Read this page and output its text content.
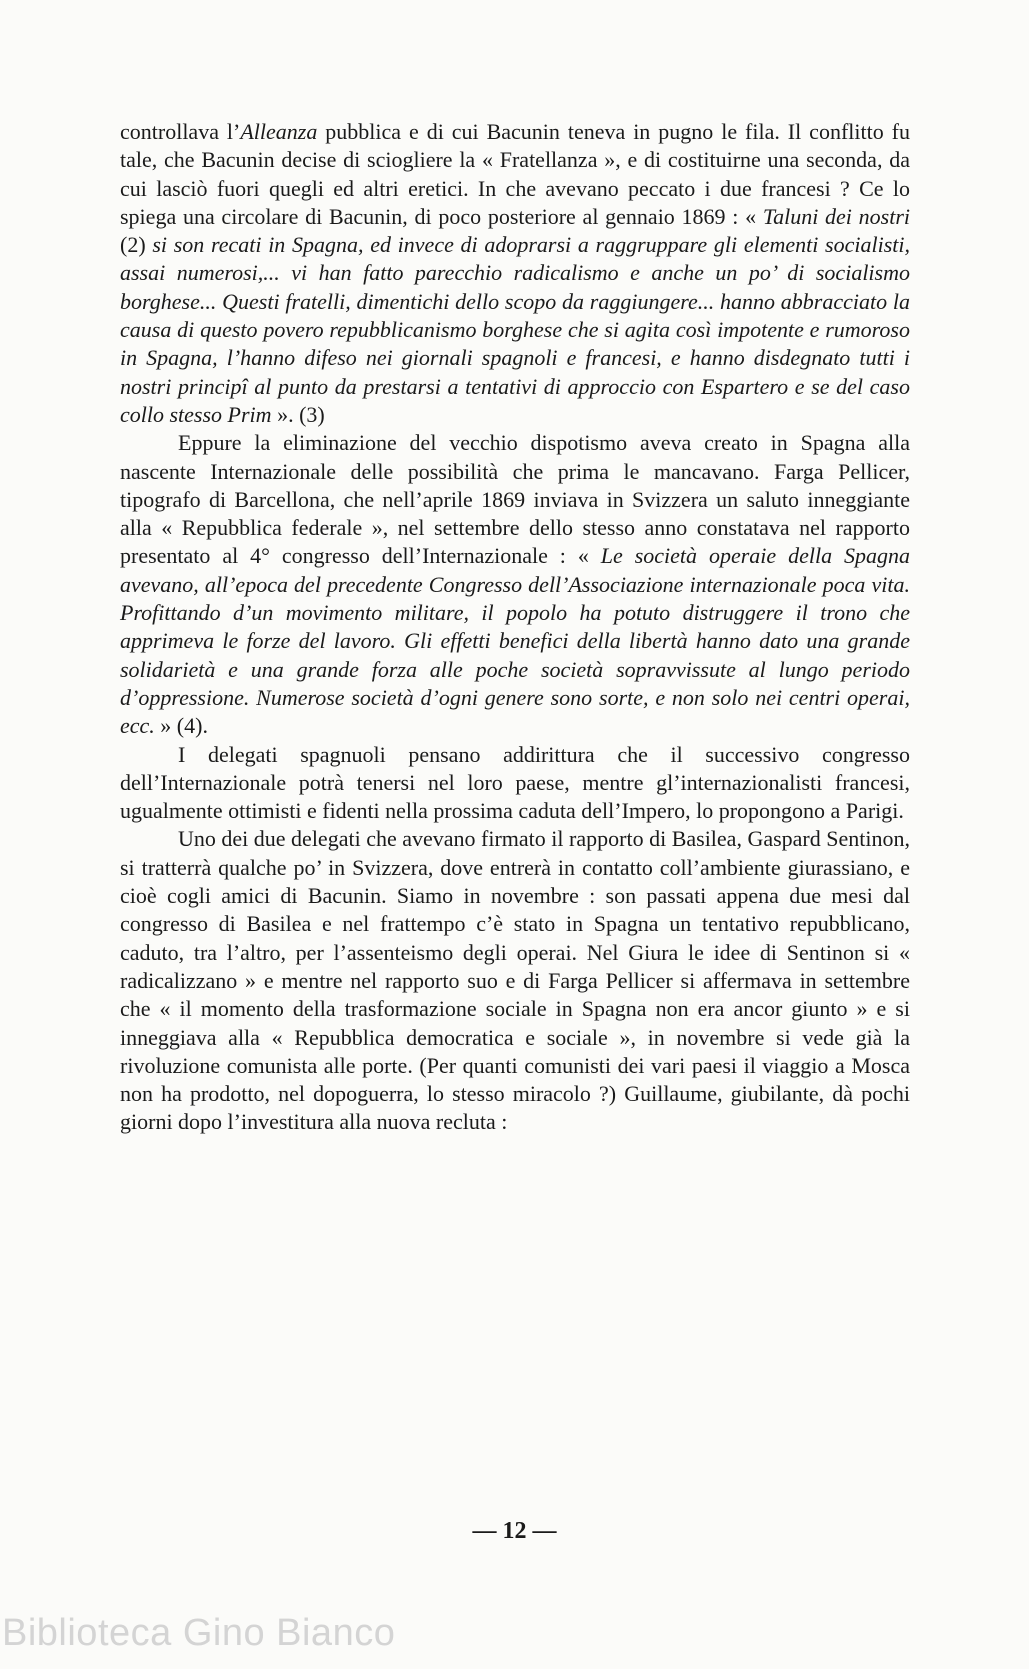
controllava l’Alleanza pubblica e di cui Bacunin teneva in pugno le fila. Il conflitto fu tale, che Bacunin decise di sciogliere la « Fratellanza », e di costituirne una seconda, da cui lasciò fuori quegli ed altri eretici. In che avevano peccato i due francesi ? Ce lo spiega una circolare di Bacunin, di poco posteriore al gennaio 1869 : « Taluni dei nostri (2) si son recati in Spagna, ed invece di adoprarsi a raggruppare gli elementi socialisti, assai numerosi,... vi han fatto parecchio radicalismo e anche un po’ di socialismo borghese... Questi fratelli, dimentichi dello scopo da raggiungere... hanno abbracciato la causa di questo povero repubblicanismo borghese che si agita così impotente e rumoroso in Spagna, l’hanno difeso nei giornali spagnoli e francesi, e hanno disdegnato tutti i nostri principî al punto da prestarsi a tentativi di approccio con Espartero e se del caso collo stesso Prim ». (3)

Eppure la eliminazione del vecchio dispotismo aveva creato in Spagna alla nascente Internazionale delle possibilità che prima le mancavano. Farga Pellicer, tipografo di Barcellona, che nell’aprile 1869 inviava in Svizzera un saluto inneggiante alla « Repubblica federale », nel settembre dello stesso anno constatava nel rapporto presentato al 4° congresso dell’Internazionale : « Le società operaie della Spagna avevano, all’epoca del precedente Congresso dell’Associazione internazionale poca vita. Profittando d’un movimento militare, il popolo ha potuto distruggere il trono che apprimeva le forze del lavoro. Gli effetti benefici della libertà hanno dato una grande solidarietà e una grande forza alle poche società sopravvissute al lungo periodo d’oppressione. Numerose società d’ogni genere sono sorte, e non solo nei centri operai, ecc. » (4).

I delegati spagnuoli pensano addirittura che il successivo congresso dell’Internazionale potrà tenersi nel loro paese, mentre gl’internazionalisti francesi, ugualmente ottimisti e fidenti nella prossima caduta dell’Impero, lo propongono a Parigi.

Uno dei due delegati che avevano firmato il rapporto di Basilea, Gaspard Sentinon, si tratterrà qualche po’ in Svizzera, dove entrerà in contatto coll’ambiente giurassiano, e cioè cogli amici di Bacunin. Siamo in novembre : son passati appena due mesi dal congresso di Basilea e nel frattempo c’è stato in Spagna un tentativo repubblicano, caduto, tra l’altro, per l’assenteismo degli operai. Nel Giura le idee di Sentinon si « radicalizzano » e mentre nel rapporto suo e di Farga Pellicer si affermava in settembre che « il momento della trasformazione sociale in Spagna non era ancor giunto » e si inneggiava alla « Repubblica democratica e sociale », in novembre si vede già la rivoluzione comunista alle porte. (Per quanti comunisti dei vari paesi il viaggio a Mosca non ha prodotto, nel dopoguerra, lo stesso miracolo ?) Guillaume, giubilante, dà pochi giorni dopo l’investitura alla nuova recluta :

— 12 —
Biblioteca Gino Bianco
